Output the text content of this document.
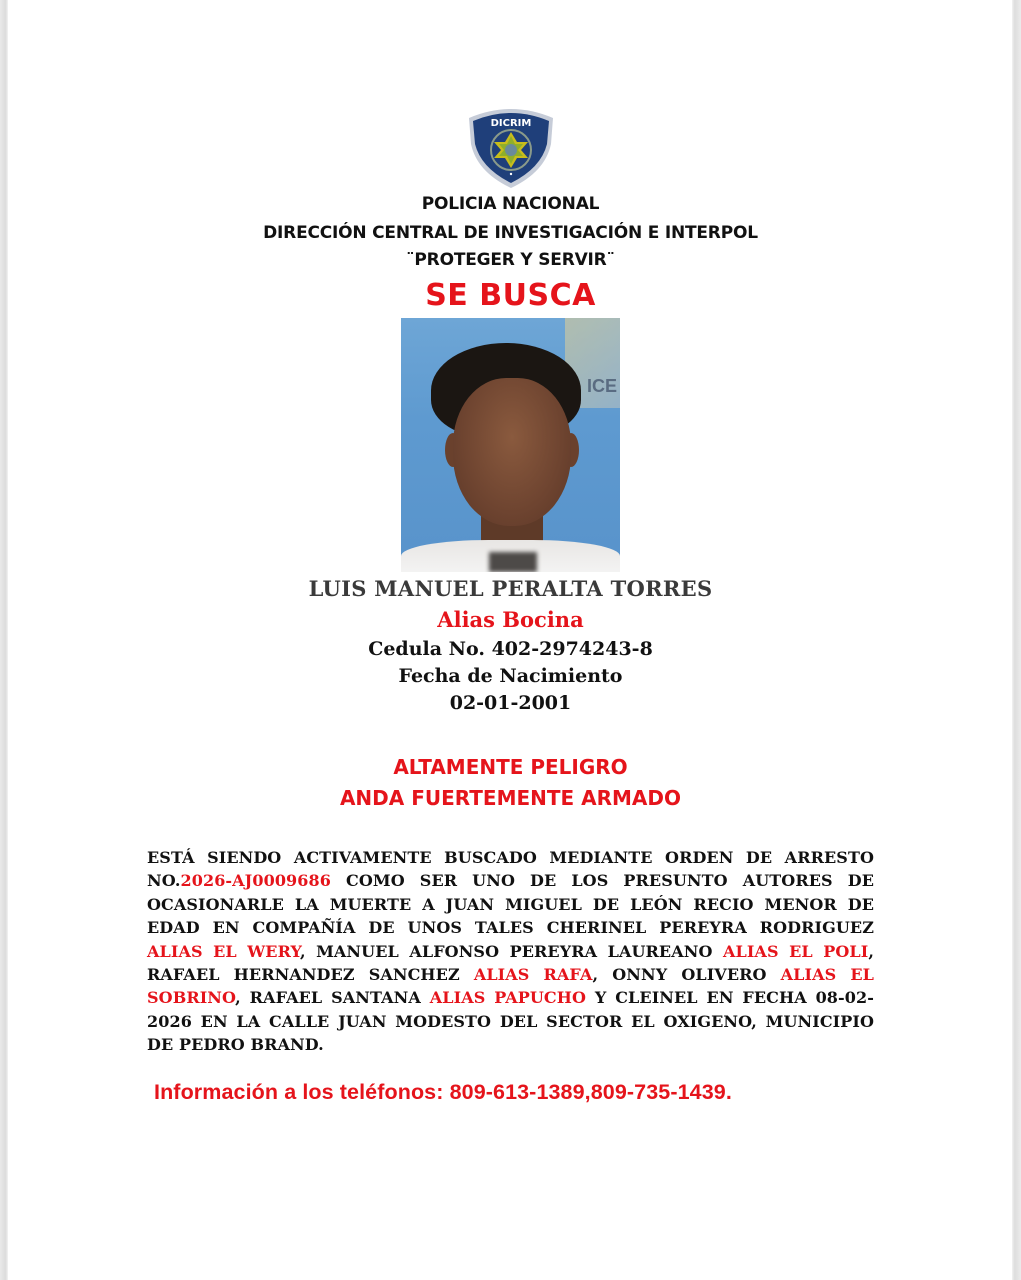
DICRIM
POLICIA NACIONAL
DIRECCIÓN CENTRAL DE INVESTIGACIÓN E INTERPOL
¨PROTEGER Y SERVIR¨
SE BUSCA
ICE
LUIS MANUEL PERALTA TORRES
Alias Bocina
Cedula No. 402-2974243-8
Fecha de Nacimiento
02-01-2001
ALTAMENTE PELIGRO
ANDA FUERTEMENTE ARMADO
ESTÁ SIENDO ACTIVAMENTE BUSCADO MEDIANTE ORDEN DE ARRESTO NO.2026-AJ0009686 COMO SER UNO DE LOS PRESUNTO AUTORES DE OCASIONARLE LA MUERTE A JUAN MIGUEL DE LEÓN RECIO MENOR DE EDAD EN COMPAÑÍA DE UNOS TALES CHERINEL PEREYRA RODRIGUEZ ALIAS EL WERY, MANUEL ALFONSO PEREYRA LAUREANO ALIAS EL POLI, RAFAEL HERNANDEZ SANCHEZ ALIAS RAFA, ONNY OLIVERO ALIAS EL SOBRINO, RAFAEL SANTANA ALIAS PAPUCHO Y CLEINEL EN FECHA 08-02-2026 EN LA CALLE JUAN MODESTO DEL SECTOR EL OXIGENO, MUNICIPIO DE PEDRO BRAND.
Información a los teléfonos: 809-613-1389,809-735-1439.
